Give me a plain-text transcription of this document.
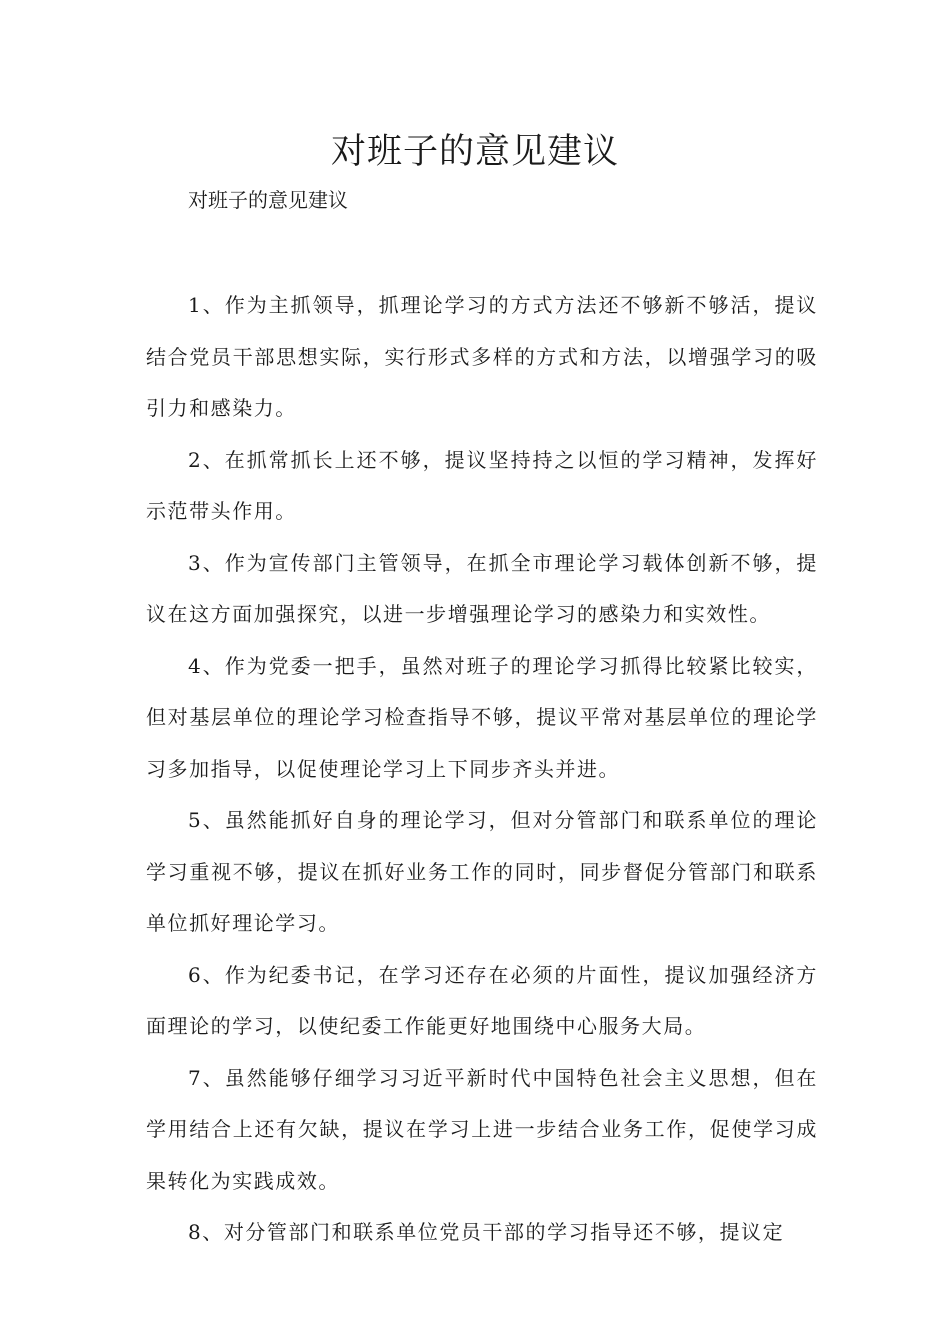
对班子的意见建议

对班子的意见建议

1、作为主抓领导，抓理论学习的方式方法还不够新不够活，提议结合党员干部思想实际，实行形式多样的方式和方法，以增强学习的吸引力和感染力。

2、在抓常抓长上还不够，提议坚持持之以恒的学习精神，发挥好示范带头作用。

3、作为宣传部门主管领导，在抓全市理论学习载体创新不够，提议在这方面加强探究，以进一步增强理论学习的感染力和实效性。

4、作为党委一把手，虽然对班子的理论学习抓得比较紧比较实，但对基层单位的理论学习检查指导不够，提议平常对基层单位的理论学习多加指导，以促使理论学习上下同步齐头并进。

5、虽然能抓好自身的理论学习，但对分管部门和联系单位的理论学习重视不够，提议在抓好业务工作的同时，同步督促分管部门和联系单位抓好理论学习。

6、作为纪委书记，在学习还存在必须的片面性，提议加强经济方面理论的学习，以使纪委工作能更好地围绕中心服务大局。

7、虽然能够仔细学习习近平新时代中国特色社会主义思想，但在学用结合上还有欠缺，提议在学习上进一步结合业务工作，促使学习成果转化为实践成效。

8、对分管部门和联系单位党员干部的学习指导还不够，提议定
